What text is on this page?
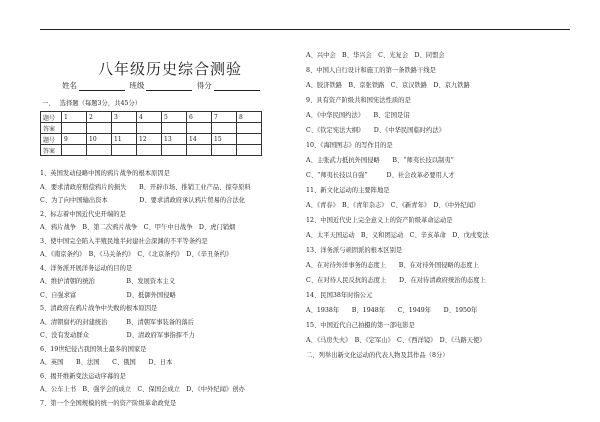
八年级历史综合测验
姓名	班级	得分
一、　 选择题（每题3分，共45分）
题号	1	2	3	4	5	6	7	8
答案								
题号	9	10	11	12	13	14	15	
答案								
1、英国发动侵略中国的鸦片战争的根本原因是
A、要求清政府赔偿鸦片的损失　　B、开辟市场、推销工业产品、掠夺原料
C、为了向中国输出资本　　　　　D、要求清政府承认鸦片贸易的合法化
2、标志着中国近代史开端的是
A、鸦片战争　B、第二次鸦片战争　C、甲午中日战争　D、虎门销烟
3、使中国完全陷入半殖民地半封建社会深渊的不平等条约是
A、《南京条约》　B、《马关条约》　C、《北京条约》　D、《辛丑条约》
4、洋务派开展洋务运动的目的是
A、维护清朝的统治　　　　　B、发展资本主义
C、自强求富　　　　　　　　D、抵御外国侵略
5、清政府在鸦片战争中失败的根本原因是
A、清朝腐朽的封建统治　　　B、清朝军事装备的落后
C、没有发动群众　　　　　　D、清政府军事指挥不力
6、19世纪侵占我国领土最多的国家是
A、英国　　B、法国　　C、俄国　　D、日本
6、揭开维新变法运动序幕的是
A、公车上书　B、强学会的成立　C、保国会成立　D、《中外纪闻》创办
7、第一个全国规模的统一的资产阶级革命政党是
A、兴中会　B、华兴会　C、光复会　D、同盟会
8、中国人自行设计和施工的第一条铁路干线是
A、胶济铁路　B、京张铁路　C、京汉铁路　D、京九铁路
9、具有资产阶级共和国宪法性质的是
A、《中华民国约法》　　B、定国是诏
C、《钦定宪法大纲》　　D、《中华民国临时约法》
10、《海国图志》的写作目的是
A、主张武力抵抗外国侵略　　B、“师夷长技以制夷”
C、“师夷长技以自强”　　　D、社会改革必要用人才
11、新文化运动的主要阵地是
A、《青春》　B、《青年杂志》　C、《新青年》　D、《中外纪闻》
12、中国近代史上完全意义上的资产阶级革命运动是
A、太平天国运动　B、义和团运动　C、辛亥革命　D、戊戌变法
13、洋务派与顽固派的根本区别是
A、在对待外洋事务的态度上　　B、在对待外国侵略的态度上
C、在对待人民反抗的态度上　　D、在对待清政府统治的态度上
14、民国38年时指公元
A、1938年　　B、1948年　　C、1949年　　D、1950年
15、中国近代自己拍摄的第一部电影是
A、《马房失火》　B、《定军山》　C、《西洋镜》　D、《马路天使》
二、列举出新文化运动的代表人物及其作品（8分）
